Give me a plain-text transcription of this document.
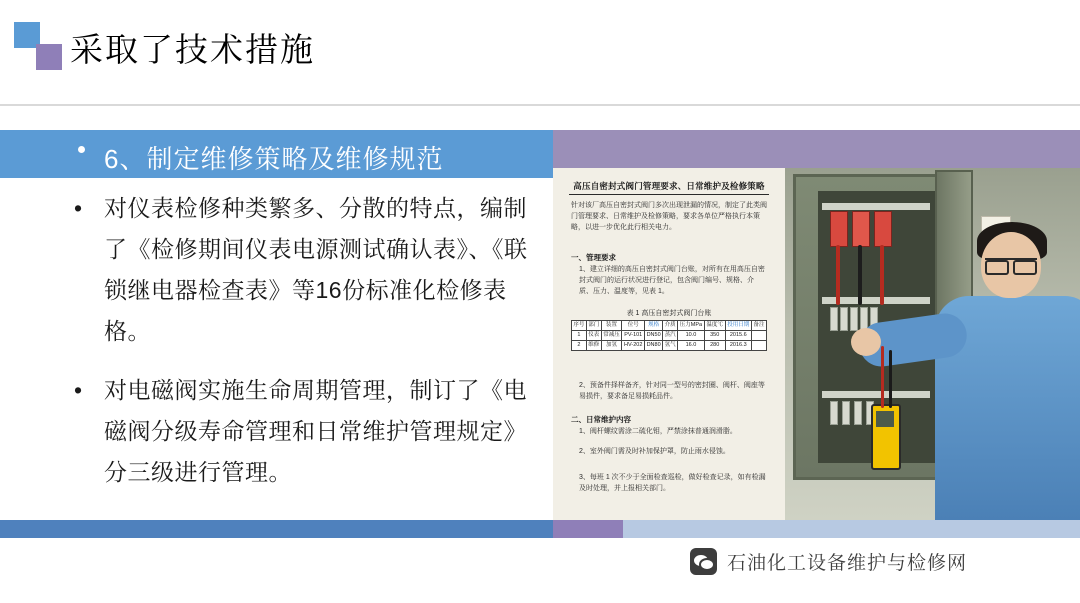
采取了技术措施
6、制定维修策略及维修规范
• 对仪表检修种类繁多、分散的特点，编制了《检修期间仪表电源测试确认表》、《联锁继电器检查表》等16份标准化检修表格。
• 对电磁阀实施生命周期管理，制订了《电磁阀分级寿命管理和日常维护管理规定》分三级进行管理。
高压自密封式阀门管理要求、日常维护及检修策略
针对该厂高压自密封式阀门多次出现泄漏的情况，制定了此类阀门管理要求、日常维护及检修策略，要求各单位严格执行本策略，以进一步优化此行相关电力。
一、管理要求
1、建立详细的高压自密封式阀门台账，对所有在用高压自密封式阀门的运行状况进行登记，包含阀门编号、规格、介质、压力、温度等，见表 1。
表 1 高压自密封式阀门台账
序号	部门	装置	位号	规格	介质	压力MPa	温度℃	投用日期	备注
1	仪表	常减压	PV-101	DN50	蒸汽	10.0	350	2015.6	
2	维修	加氢	HV-202	DN80	氢气	16.0	280	2016.3	
2、预备件择样备齐，针对同一型号的密封圈、阀杆、阀座等易损件，要求备足易损耗品件。
二、日常维护内容
1、阀杆螺纹需涂二硫化钼，严禁涂抹普通润滑脂。
2、室外阀门需及时补加保护罩，防止雨水侵蚀。
3、每班 1 次不少于全面检查巡检，做好检查记录，如有检漏及时处理，并上报相关部门。
石油化工设备维护与检修网
